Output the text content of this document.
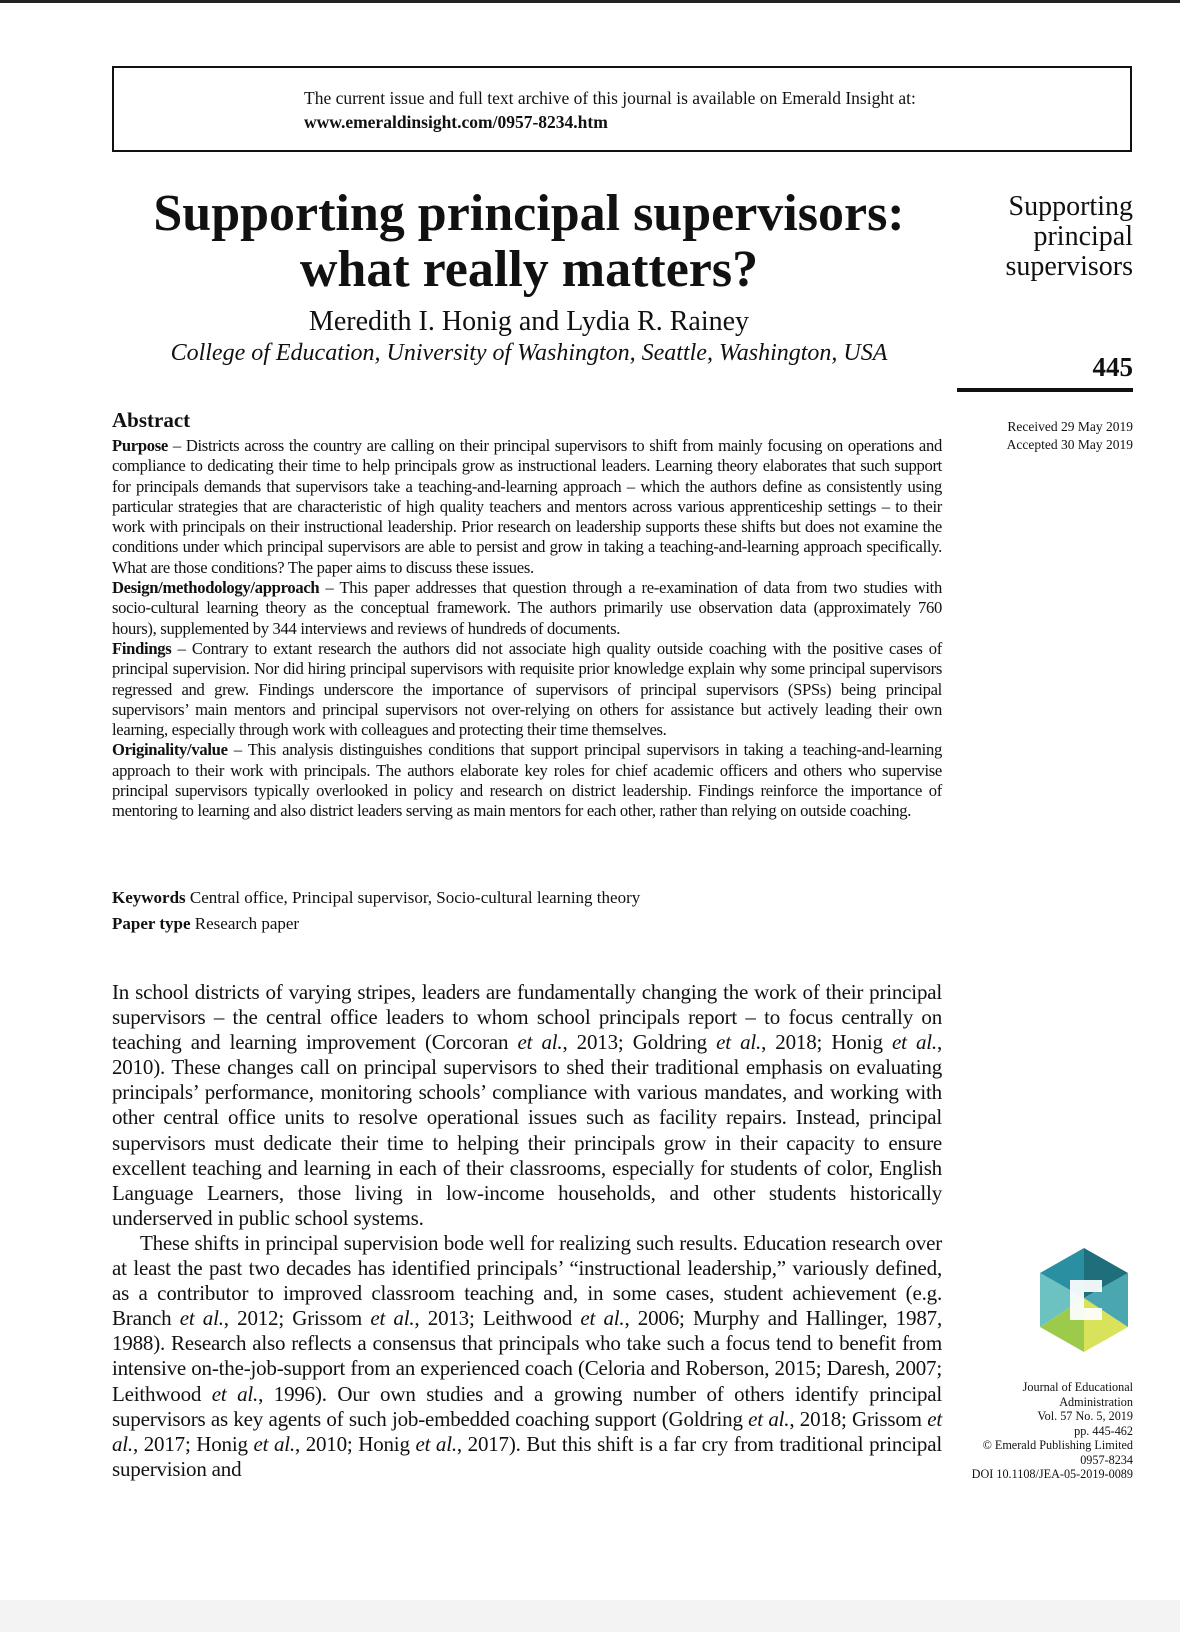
The current issue and full text archive of this journal is available on Emerald Insight at:
www.emeraldinsight.com/0957-8234.htm
Supporting principal supervisors:
what really matters?
Meredith I. Honig and Lydia R. Rainey
College of Education, University of Washington, Seattle, Washington, USA
Supporting
principal
supervisors
445
Received 29 May 2019
Accepted 30 May 2019
Abstract

Purpose – Districts across the country are calling on their principal supervisors to shift from mainly focusing on operations and compliance to dedicating their time to help principals grow as instructional leaders. Learning theory elaborates that such support for principals demands that supervisors take a teaching-and-learning approach – which the authors define as consistently using particular strategies that are characteristic of high quality teachers and mentors across various apprenticeship settings – to their work with principals on their instructional leadership. Prior research on leadership supports these shifts but does not examine the conditions under which principal supervisors are able to persist and grow in taking a teaching-and-learning approach specifically. What are those conditions? The paper aims to discuss these issues.

Design/methodology/approach – This paper addresses that question through a re-examination of data from two studies with socio-cultural learning theory as the conceptual framework. The authors primarily use observation data (approximately 760 hours), supplemented by 344 interviews and reviews of hundreds of documents.

Findings – Contrary to extant research the authors did not associate high quality outside coaching with the positive cases of principal supervision. Nor did hiring principal supervisors with requisite prior knowledge explain why some principal supervisors regressed and grew. Findings underscore the importance of supervisors of principal supervisors (SPSs) being principal supervisors’ main mentors and principal supervisors not over-relying on others for assistance but actively leading their own learning, especially through work with colleagues and protecting their time themselves.

Originality/value – This analysis distinguishes conditions that support principal supervisors in taking a teaching-and-learning approach to their work with principals. The authors elaborate key roles for chief academic officers and others who supervise principal supervisors typically overlooked in policy and research on district leadership. Findings reinforce the importance of mentoring to learning and also district leaders serving as main mentors for each other, rather than relying on outside coaching.

Keywords Central office, Principal supervisor, Socio-cultural learning theory
Paper type Research paper

In school districts of varying stripes, leaders are fundamentally changing the work of their principal supervisors – the central office leaders to whom school principals report – to focus centrally on teaching and learning improvement (Corcoran et al., 2013; Goldring et al., 2018; Honig et al., 2010). These changes call on principal supervisors to shed their traditional emphasis on evaluating principals’ performance, monitoring schools’ compliance with various mandates, and working with other central office units to resolve operational issues such as facility repairs. Instead, principal supervisors must dedicate their time to helping their principals grow in their capacity to ensure excellent teaching and learning in each of their classrooms, especially for students of color, English Language Learners, those living in low-income households, and other students historically underserved in public school systems.

These shifts in principal supervision bode well for realizing such results. Education research over at least the past two decades has identified principals’ “instructional leadership,” variously defined, as a contributor to improved classroom teaching and, in some cases, student achievement (e.g. Branch et al., 2012; Grissom et al., 2013; Leithwood et al., 2006; Murphy and Hallinger, 1987, 1988). Research also reflects a consensus that principals who take such a focus tend to benefit from intensive on-the-job-support from an experienced coach (Celoria and Roberson, 2015; Daresh, 2007; Leithwood et al., 1996). Our own studies and a growing number of others identify principal supervisors as key agents of such job-embedded coaching support (Goldring et al., 2018; Grissom et al., 2017; Honig et al., 2010; Honig et al., 2017). But this shift is a far cry from traditional principal supervision and

Journal of Educational
Administration
Vol. 57 No. 5, 2019
pp. 445-462
© Emerald Publishing Limited
0957-8234
DOI 10.1108/JEA-05-2019-0089
